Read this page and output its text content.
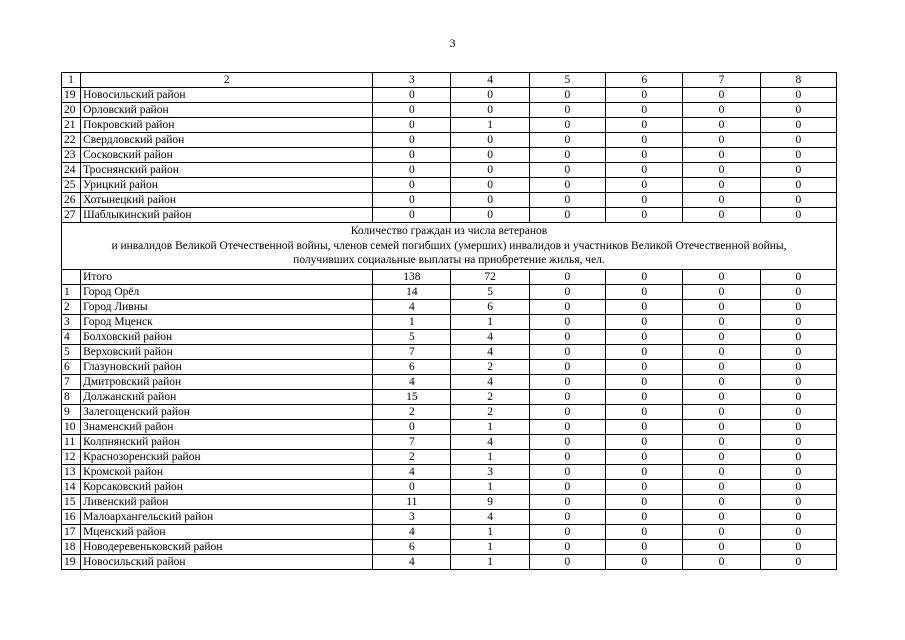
3
1	2	3	4	5	6	7	8
19	Новосильский район	0	0	0	0	0	0
20	Орловский район	0	0	0	0	0	0
21	Покровский район	0	1	0	0	0	0
22	Свердловский район	0	0	0	0	0	0
23	Сосковский район	0	0	0	0	0	0
24	Троснянский район	0	0	0	0	0	0
25	Урицкий район	0	0	0	0	0	0
26	Хотынецкий район	0	0	0	0	0	0
27	Шаблыкинский район	0	0	0	0	0	0

Количество граждан из числа ветеранов
и инвалидов Великой Отечественной войны, членов семей погибших (умерших) инвалидов и участников Великой Отечественной войны,
получивших социальные выплаты на приобретение жилья, чел.							

	Итого	138	72	0	0	0	0
1	Город Орёл	14	5	0	0	0	0
2	Город Ливны	4	6	0	0	0	0
3	Город Мценск	1	1	0	0	0	0
4	Болховский район	5	4	0	0	0	0
5	Верховский район	7	4	0	0	0	0
6	Глазуновский район	6	2	0	0	0	0
7	Дмитровский район	4	4	0	0	0	0
8	Должанский район	15	2	0	0	0	0
9	Залегощенский район	2	2	0	0	0	0
10	Знаменский район	0	1	0	0	0	0
11	Колпнянский район	7	4	0	0	0	0
12	Краснозоренский район	2	1	0	0	0	0
13	Кромской район	4	3	0	0	0	0
14	Корсаковский район	0	1	0	0	0	0
15	Ливенский район	11	9	0	0	0	0
16	Малоархангельский район	3	4	0	0	0	0
17	Мценский район	4	1	0	0	0	0
18	Новодеревеньковский район	6	1	0	0	0	0
19	Новосильский район	4	1	0	0	0	0
